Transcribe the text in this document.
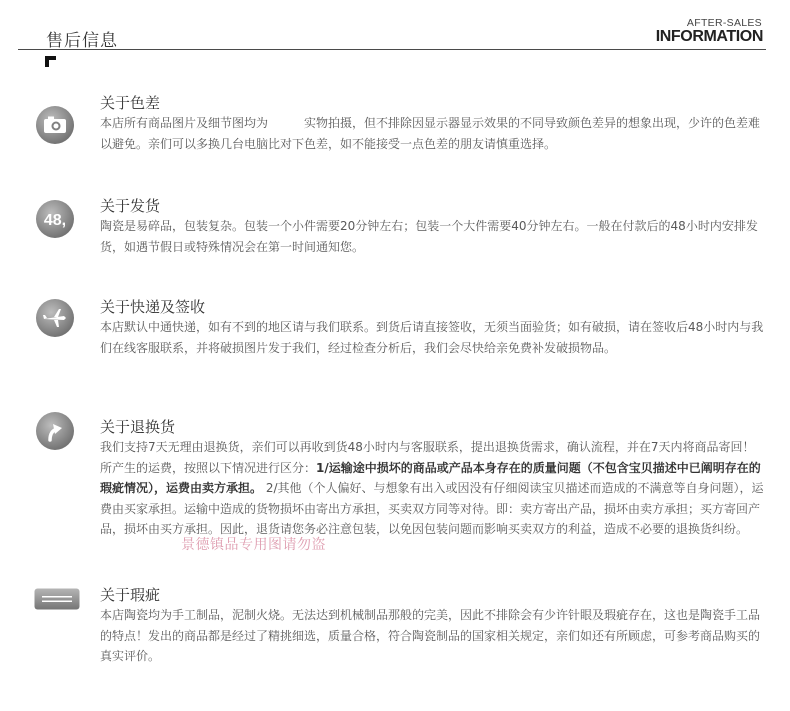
售后信息
AFTER-SALES
INFORMATION
关于色差
本店所有商品图片及细节图均为　　　实物拍摄，但不排除因显示器显示效果的不同导致颜色差异的想象出现，少许的色差难以避免。亲们可以多换几台电脑比对下色差，如不能接受一点色差的朋友请慎重选择。
48,
关于发货
陶瓷是易碎品，包装复杂。包装一个小件需要20分钟左右；包装一个大件需要40分钟左右。一般在付款后的48小时内安排发货，如遇节假日或特殊情况会在第一时间通知您。
关于快递及签收
本店默认中通快递，如有不到的地区请与我们联系。到货后请直接签收，无须当面验货；如有破损，请在签收后48小时内与我们在线客服联系，并将破损图片发于我们，经过检查分析后，我们会尽快给亲免费补发破损物品。
关于退换货
我们支持7天无理由退换货，亲们可以再收到货48小时内与客服联系，提出退换货需求，确认流程，并在7天内将商品寄回！所产生的运费，按照以下情况进行区分：1/运输途中损坏的商品或产品本身存在的质量问题（不包含宝贝描述中已阐明存在的瑕疵情况），运费由卖方承担。 2/其他（个人偏好、与想象有出入或因没有仔细阅读宝贝描述而造成的不满意等自身问题），运费由买家承担。运输中造成的货物损坏由寄出方承担，买卖双方同等对待。即：卖方寄出产品，损坏由卖方承担；买方寄回产品，损坏由买方承担。因此，退货请您务必注意包装，以免因包装问题而影响买卖双方的利益，造成不必要的退换货纠纷。
景德镇品专用图请勿盗
关于瑕疵
本店陶瓷均为手工制品，泥制火烧。无法达到机械制品那般的完美，因此不排除会有少许针眼及瑕疵存在，这也是陶瓷手工品的特点！发出的商品都是经过了精挑细选，质量合格，符合陶瓷制品的国家相关规定，亲们如还有所顾虑，可参考商品购买的真实评价。
